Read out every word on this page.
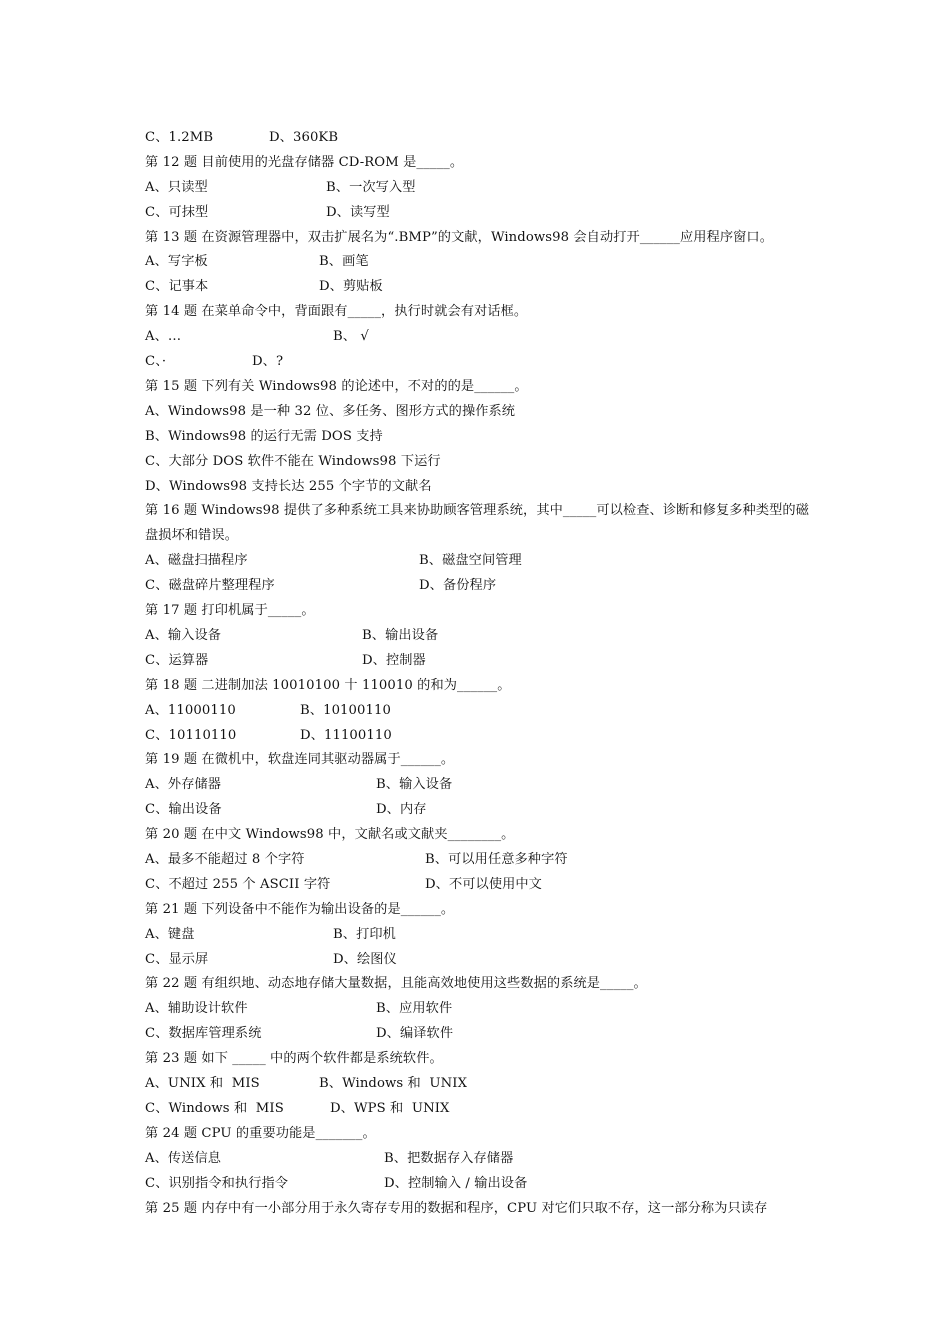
C、1.2MB

	D、360KB

第 12 题 目前使用的光盘存储器 CD-ROM 是_____。

A、只读型

	B、一次写入型

C、可抹型

	D、读写型

第 13 题 在资源管理器中，双击扩展名为“.BMP”的文献，Windows98 会自动打开______应用程序窗口。

A、写字板

	B、画笔

C、记事本

	D、剪贴板

第 14 题 在菜单命令中，背面跟有_____，执行时就会有对话框。

A、…

	B、 √

C、·

	D、?

第 15 题 下列有关 Windows98 的论述中，不对的的是______。
A、Windows98 是一种 32 位、多任务、图形方式的操作系统
B、Windows98 的运行无需 DOS 支持
C、大部分 DOS 软件不能在 Windows98 下运行
D、Windows98 支持长达 255 个字节的文献名
第 16 题 Windows98 提供了多种系统工具来协助顾客管理系统，其中_____可以检查、诊断和修复多种类型的磁盘损坏和错误。

A、磁盘扫描程序

	B、磁盘空间管理

C、磁盘碎片整理程序

	D、备份程序

第 17 题 打印机属于_____。

A、输入设备

	B、输出设备

C、运算器

	D、控制器

第 18 题 二进制加法 10010100 十 110010 的和为______。

A、11000110

	B、10100110

C、10110110

	D、11100110

第 19 题 在微机中，软盘连同其驱动器属于______。

A、外存储器

	B、输入设备

C、输出设备

	D、内存

第 20 题 在中文 Windows98 中，文献名或文献夹________。

A、最多不能超过 8 个字符

	B、可以用任意多种字符

C、不超过 255 个 ASCII 字符

	D、不可以使用中文

第 21 题 下列设备中不能作为输出设备的是______。

A、键盘

	B、打印机

C、显示屏

	D、绘图仪

第 22 题 有组织地、动态地存储大量数据，且能高效地使用这些数据的系统是_____。

A、辅助设计软件

	B、应用软件

C、数据库管理系统

	D、编译软件

第 23 题 如下 _____ 中的两个软件都是系统软件。

A、UNIX 和  MIS

	B、Windows 和  UNIX

C、Windows 和  MIS

	D、WPS 和  UNIX

第 24 题 CPU 的重要功能是_______。

A、传送信息

	B、把数据存入存储器

C、识别指令和执行指令

	D、控制输入 / 输出设备

第 25 题 内存中有一小部分用于永久寄存专用的数据和程序，CPU 对它们只取不存，这一部分称为只读存
